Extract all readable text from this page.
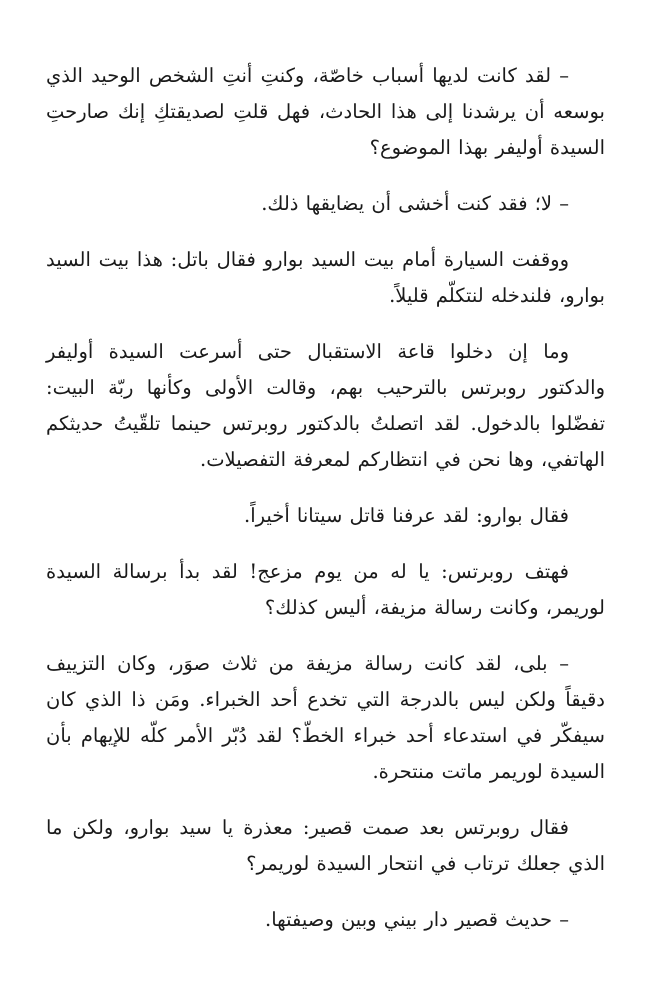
– لقد كانت لديها أسباب خاصّة، وكنتِ أنتِ الشخص الوحيد الذي بوسعه أن يرشدنا إلى هذا الحادث، فهل قلتِ لصديقتكِ إنك صارحتِ السيدة أوليفر بهذا الموضوع؟

– لا؛ فقد كنت أخشى أن يضايقها ذلك.

ووقفت السيارة أمام بيت السيد بوارو فقال باتل: هذا بيت السيد بوارو، فلندخله لنتكلّم قليلاً.

وما إن دخلوا قاعة الاستقبال حتى أسرعت السيدة أوليفر والدكتور روبرتس بالترحيب بهم، وقالت الأولى وكأنها ربّة البيت: تفضّلوا بالدخول. لقد اتصلتُ بالدكتور روبرتس حينما تلقّيتُ حديثكم الهاتفي، وها نحن في انتظاركم لمعرفة التفصيلات.

فقال بوارو: لقد عرفنا قاتل سيتانا أخيراً.

فهتف روبرتس: يا له من يوم مزعج! لقد بدأ برسالة السيدة لوريمر، وكانت رسالة مزيفة، أليس كذلك؟

– بلى، لقد كانت رسالة مزيفة من ثلاث صوَر، وكان التزييف دقيقاً ولكن ليس بالدرجة التي تخدع أحد الخبراء. ومَن ذا الذي كان سيفكّر في استدعاء أحد خبراء الخطّ؟ لقد دُبّر الأمر كلّه للإيهام بأن السيدة لوريمر ماتت منتحرة.

فقال روبرتس بعد صمت قصير: معذرة يا سيد بوارو، ولكن ما الذي جعلك ترتاب في انتحار السيدة لوريمر؟

– حديث قصير دار بيني وبين وصيفتها.
